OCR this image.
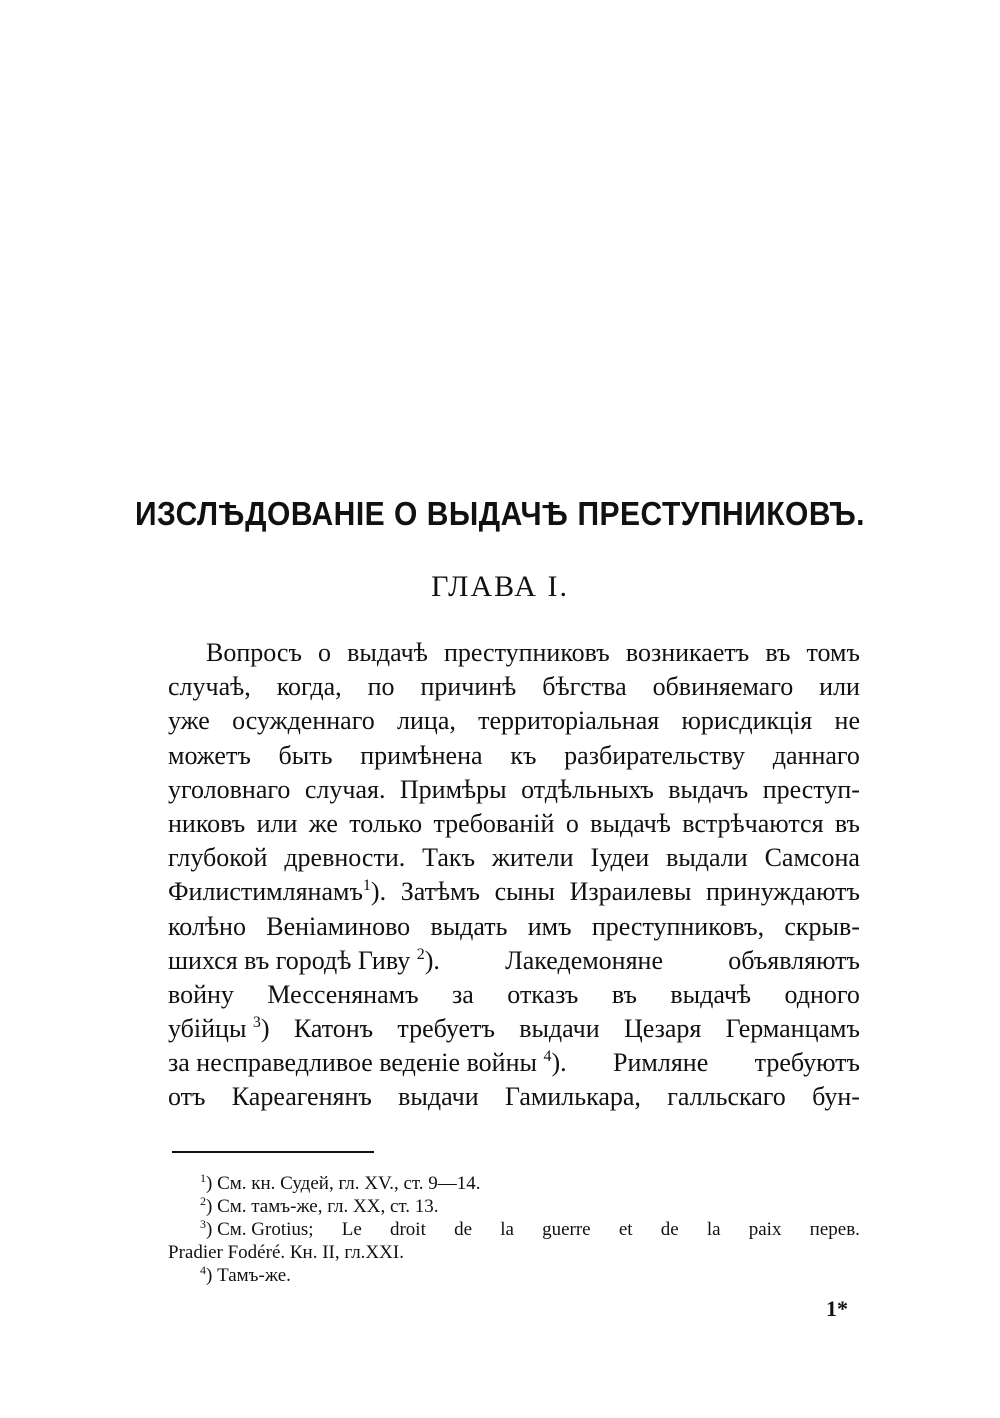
ИЗСЛѢДОВАНІЕ О ВЫДАЧѢ ПРЕСТУПНИКОВЪ.
ГЛАВА I.
Вопросъ о выдачѣ преступниковъ возникаетъ въ томъ
случаѣ, когда, по причинѣ бѣгства обвиняемаго или
уже осужденнаго лица, территоріальная юрисдикція не
можетъ быть примѣнена къ разбирательству даннаго
уголовнаго случая. Примѣры отдѣльныхъ выдачъ преступ-
никовъ или же только требованій о выдачѣ встрѣчаются въ
глубокой древности. Такъ жители Іудеи выдали Самсона
Филистимлянамъ$^1$). Затѣмъ сыны Израилевы принуждаютъ
колѣно Веніаминово выдать имъ преступниковъ, скрыв-
шихся въ городѣ Гиву $^2$).	Лакедемоняне	объявляютъ
войну Мессенянамъ за отказъ въ выдачѣ одного
убійцы $^3$) Катонъ требуетъ выдачи Цезаря Германцамъ
за несправедливое веденіе войны $^4$). Римляне требуютъ
отъ Кареагенянъ выдачи Гамилькара, галльскаго бун-
$^1$) См. кн. Судей, гл. XV., ст. 9—14.
$^2$) См. тамъ-же, гл. XX, ст. 13.
$^3$) См. Grotius; Le droit de la guerre et de la paix перев.
Pradier Fodéré. Кн. II, гл.XXI.
$^4$) Тамъ-же.
1*
